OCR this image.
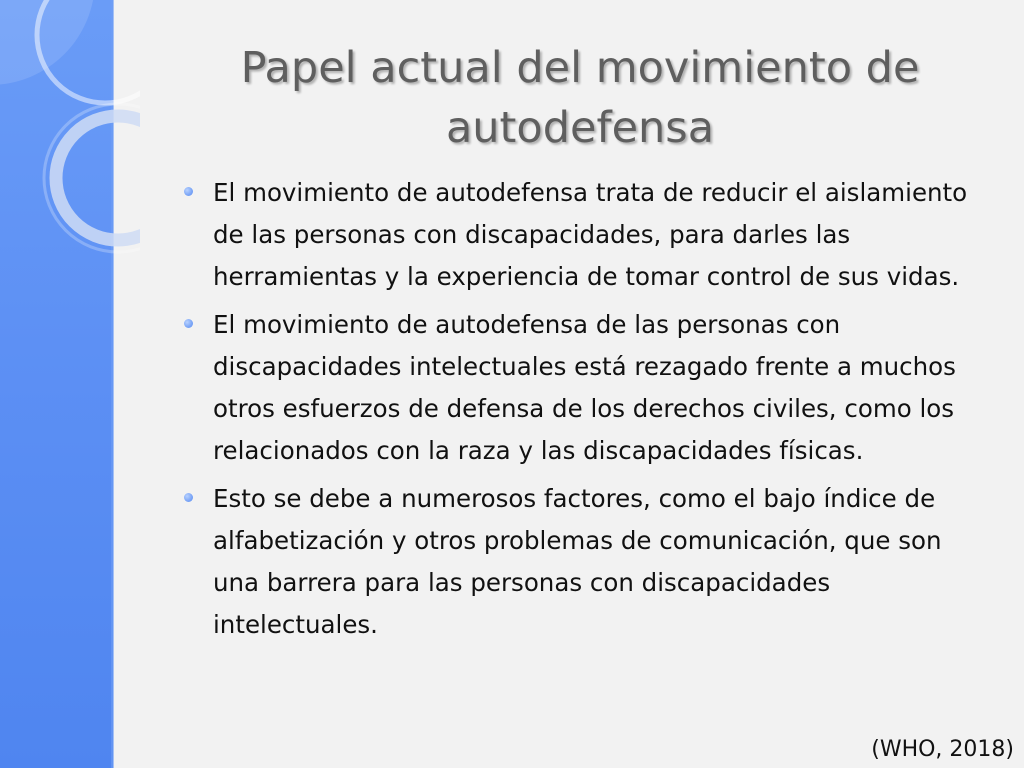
Papel actual del movimiento de
autodefensa
El movimiento de autodefensa trata de reducir el aislamiento
de las personas con discapacidades, para darles las
herramientas y la experiencia de tomar control de sus vidas.
El movimiento de autodefensa de las personas con
discapacidades intelectuales está rezagado frente a muchos
otros esfuerzos de defensa de los derechos civiles, como los
relacionados con la raza y las discapacidades físicas.
Esto se debe a numerosos factores, como el bajo índice de
alfabetización y otros problemas de comunicación, que son
una barrera para las personas con discapacidades
intelectuales.
(WHO, 2018)
